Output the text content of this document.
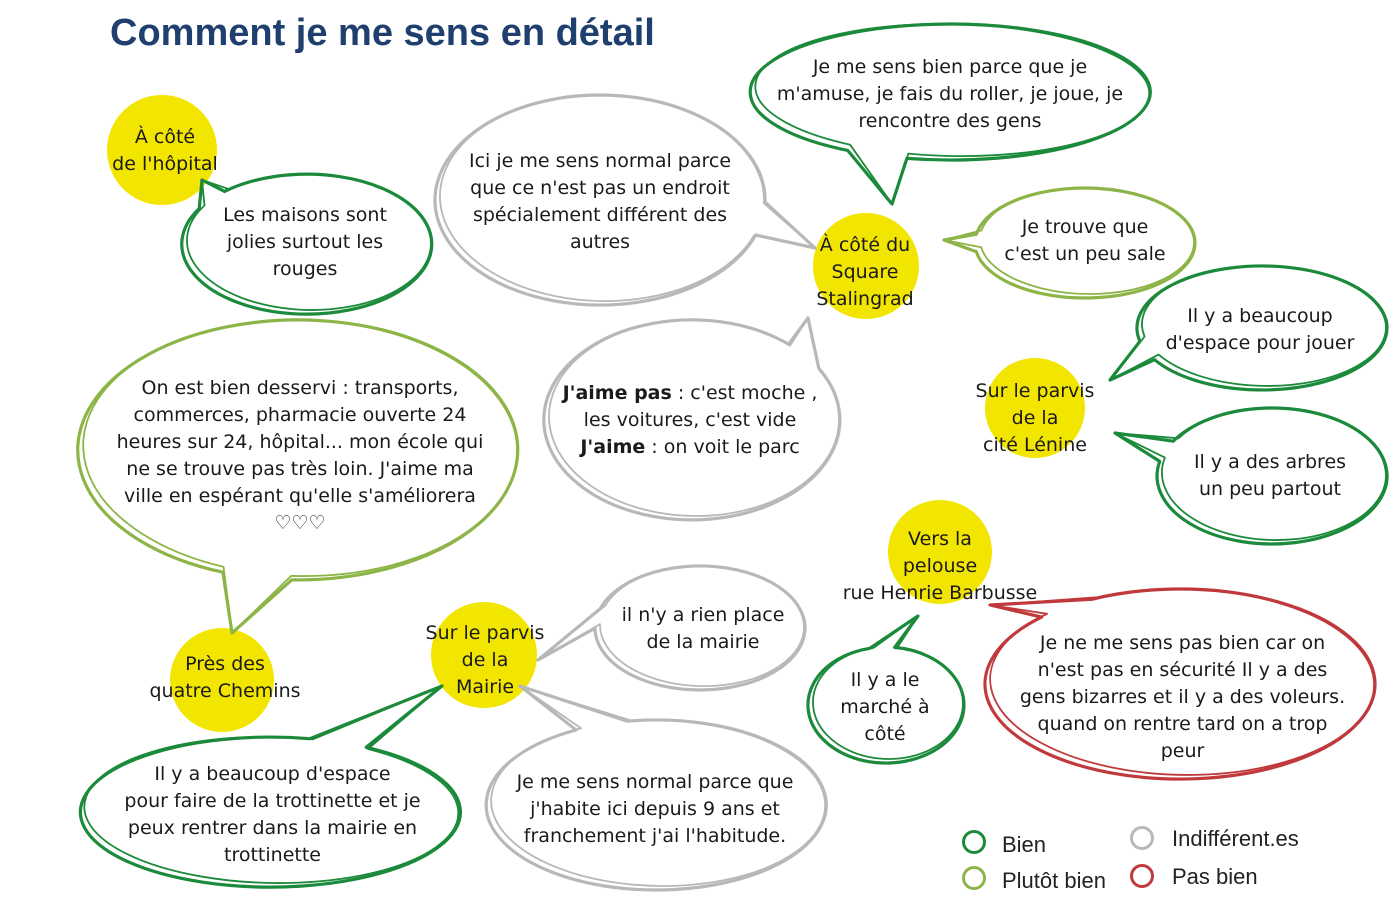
Comment je me sens en détail
À côté
de l'hôpital
À côté du
Square
Stalingrad
Sur le parvis
de la
cité Lénine
Vers la
pelouse
rue Henrie Barbusse
Sur le parvis
de la
Mairie
Près des
quatre Chemins
Les maisons sont
jolies surtout les
rouges
Ici je me sens normal parce
que ce n'est pas un endroit
spécialement différent des
autres
Je me sens bien parce que je
m'amuse, je fais du roller, je joue, je
rencontre des gens
Je trouve que
c'est un peu sale
Il y a beaucoup
d'espace pour jouer
Il y a des arbres
un peu partout
J'aime pas : c'est moche ,
les voitures, c'est vide
J'aime : on voit le parc
On est bien desservi : transports,
commerces, pharmacie ouverte 24
heures sur 24, hôpital... mon école qui
ne se trouve pas très loin. J'aime ma
ville en espérant qu'elle s'améliorera
♡♡♡
il n'y a rien place
de la mairie
Il y a le
marché à
côté
Je ne me sens pas bien car on
n'est pas en sécurité Il y a des
gens bizarres et il y a des voleurs.
quand on rentre tard on a trop
peur
Il y a beaucoup d'espace
pour faire de la trottinette et je
peux rentrer dans la mairie en
trottinette
Je me sens normal parce que
j'habite ici depuis 9 ans et
franchement j'ai l'habitude.	Bien
Plutôt bien
Indifférent.es
Pas bien
